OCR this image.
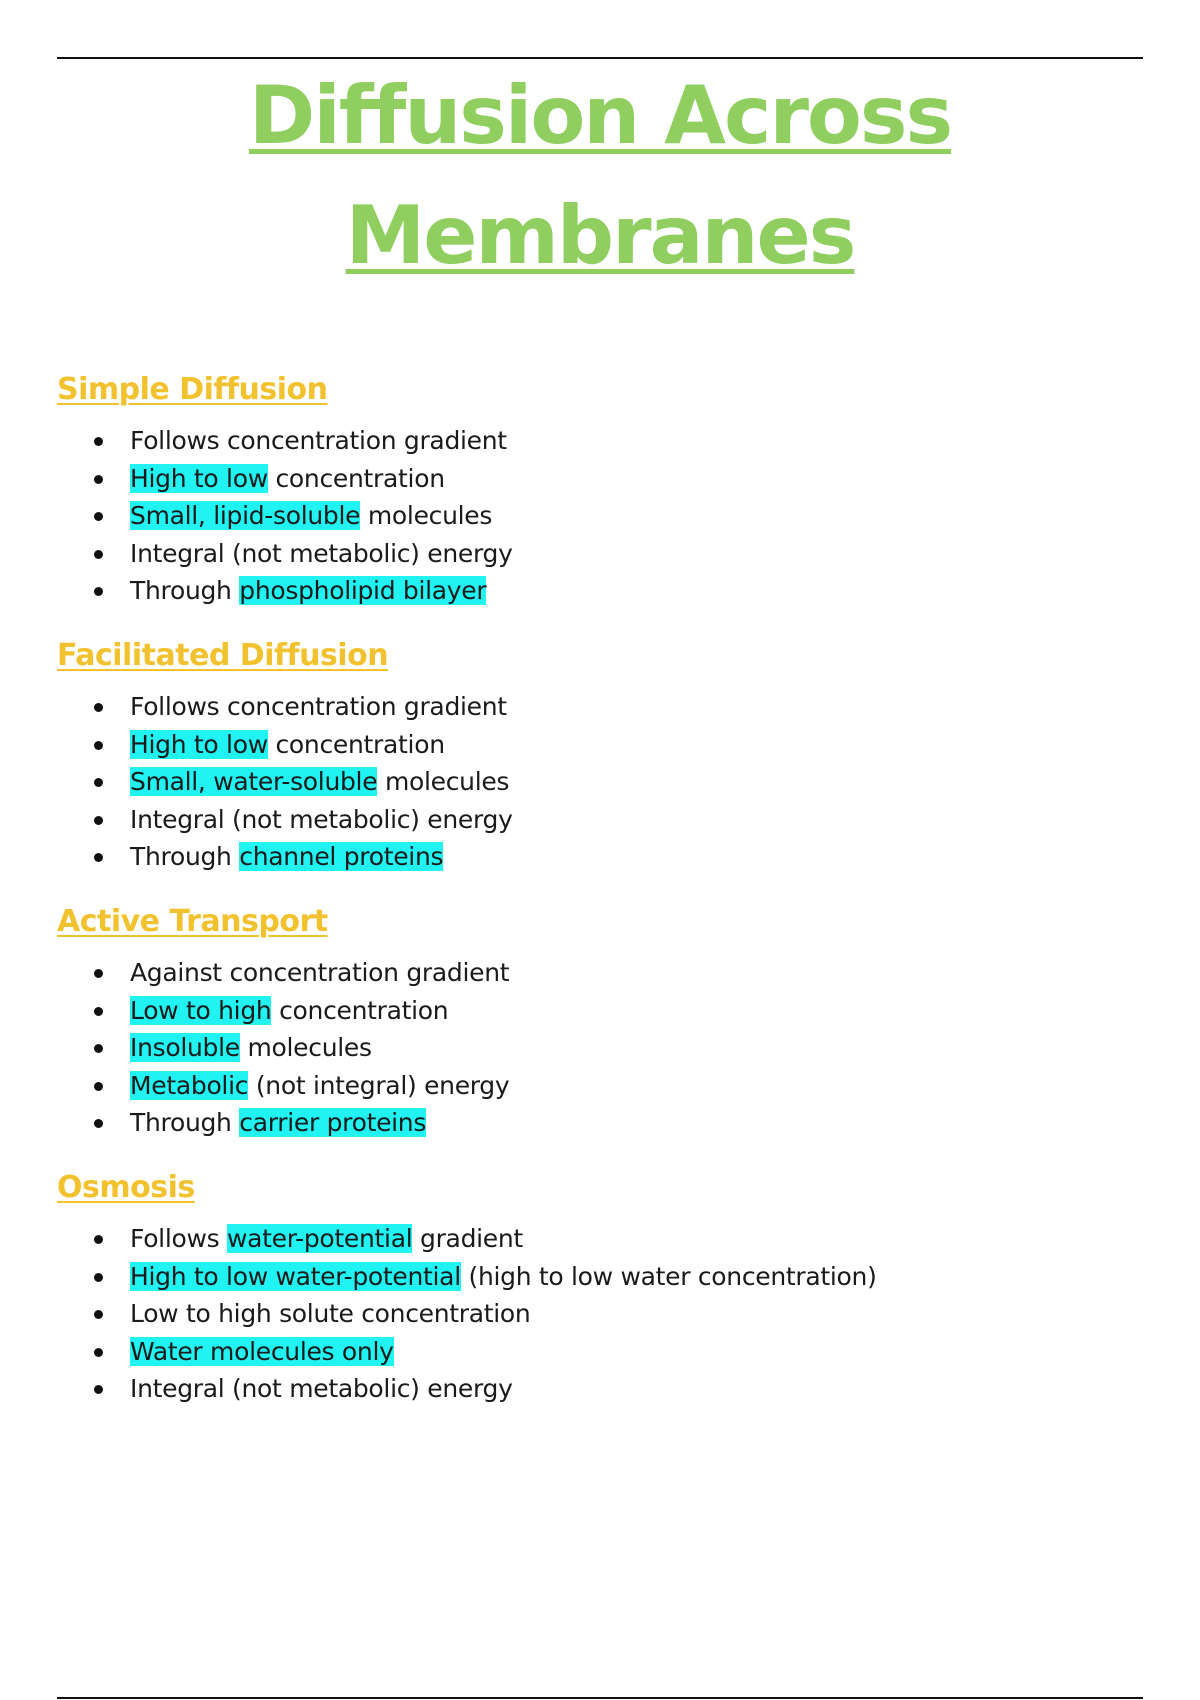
Diffusion Across
Membranes
Simple Diffusion
Follows concentration gradient
High to low concentration
Small, lipid-soluble molecules
Integral (not metabolic) energy
Through phospholipid bilayer
Facilitated Diffusion
Follows concentration gradient
High to low concentration
Small, water-soluble molecules
Integral (not metabolic) energy
Through channel proteins
Active Transport
Against concentration gradient
Low to high concentration
Insoluble molecules
Metabolic (not integral) energy
Through carrier proteins
Osmosis
Follows water-potential gradient
High to low water-potential (high to low water concentration)
Low to high solute concentration
Water molecules only
Integral (not metabolic) energy
